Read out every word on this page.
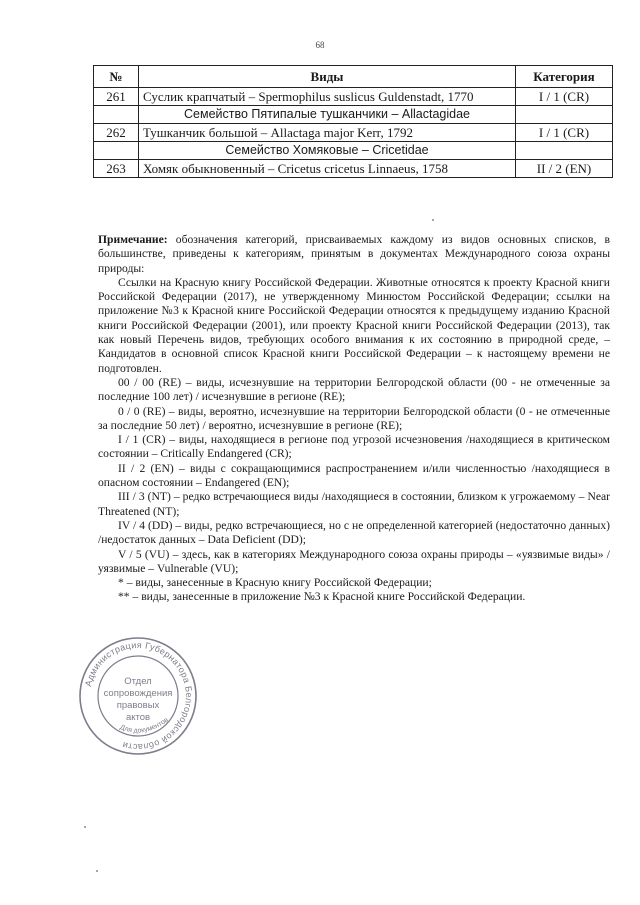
68
№	Виды	Категория
261	Суслик крапчатый – Spermophilus suslicus Guldenstadt, 1770	I / 1 (CR)
	Семейство Пятипалые тушканчики – Allactagidae	
262	Тушканчик большой – Allactaga major Kerr, 1792	I / 1 (CR)
	Семейство Хомяковые – Cricetidae	
263	Хомяк обыкновенный – Cricetus cricetus Linnaeus, 1758	II / 2 (EN)

Примечание: обозначения категорий, присваиваемых каждому из видов основных списков, в большинстве, приведены к категориям, принятым в документах Международного союза охраны природы:

Ссылки на Красную книгу Российской Федерации. Животные относятся к проекту Красной книги Российской Федерации (2017), не утвержденному Минюстом Российской Федерации; ссылки на приложение №3 к Красной книге Российской Федерации относятся к предыдущему изданию Красной книги Российской Федерации (2001), или проекту Красной книги Российской Федерации (2013), так как новый Перечень видов, требующих особого внимания к их состоянию в природной среде, – Кандидатов в основной список Красной книги Российской Федерации – к настоящему времени не подготовлен.

00 / 00 (RE) – виды, исчезнувшие на территории Белгородской области (00 - не отмеченные за последние 100 лет) / исчезнувшие в регионе (RE);

0 / 0 (RE) – виды, вероятно, исчезнувшие на территории Белгородской области (0 - не отмеченные за последние 50 лет) / вероятно, исчезнувшие в регионе (RE);

I / 1 (CR) – виды, находящиеся в регионе под угрозой исчезновения /находящиеся в критическом состоянии – Critically Endangered (CR);

II / 2 (EN) – виды с сокращающимися распространением и/или численностью /находящиеся в опасном состоянии – Endangered (EN);

III / 3 (NT) – редко встречающиеся виды /находящиеся в состоянии, близком к угрожаемому – Near Threatened (NT);

IV / 4 (DD) – виды, редко встречающиеся, но с не определенной категорией (недостаточно данных) /недостаток данных – Data Deficient (DD);

V / 5 (VU) – здесь, как в категориях Международного союза охраны природы – «уязвимые виды» / уязвимые – Vulnerable (VU);

* – виды, занесенные в Красную книгу Российской Федерации;

** – виды, занесенные в приложение №3 к Красной книге Российской Федерации.

Администрация Губернатора Белгородской области
Отдел
сопровождения
правовых
актов
Для документов
